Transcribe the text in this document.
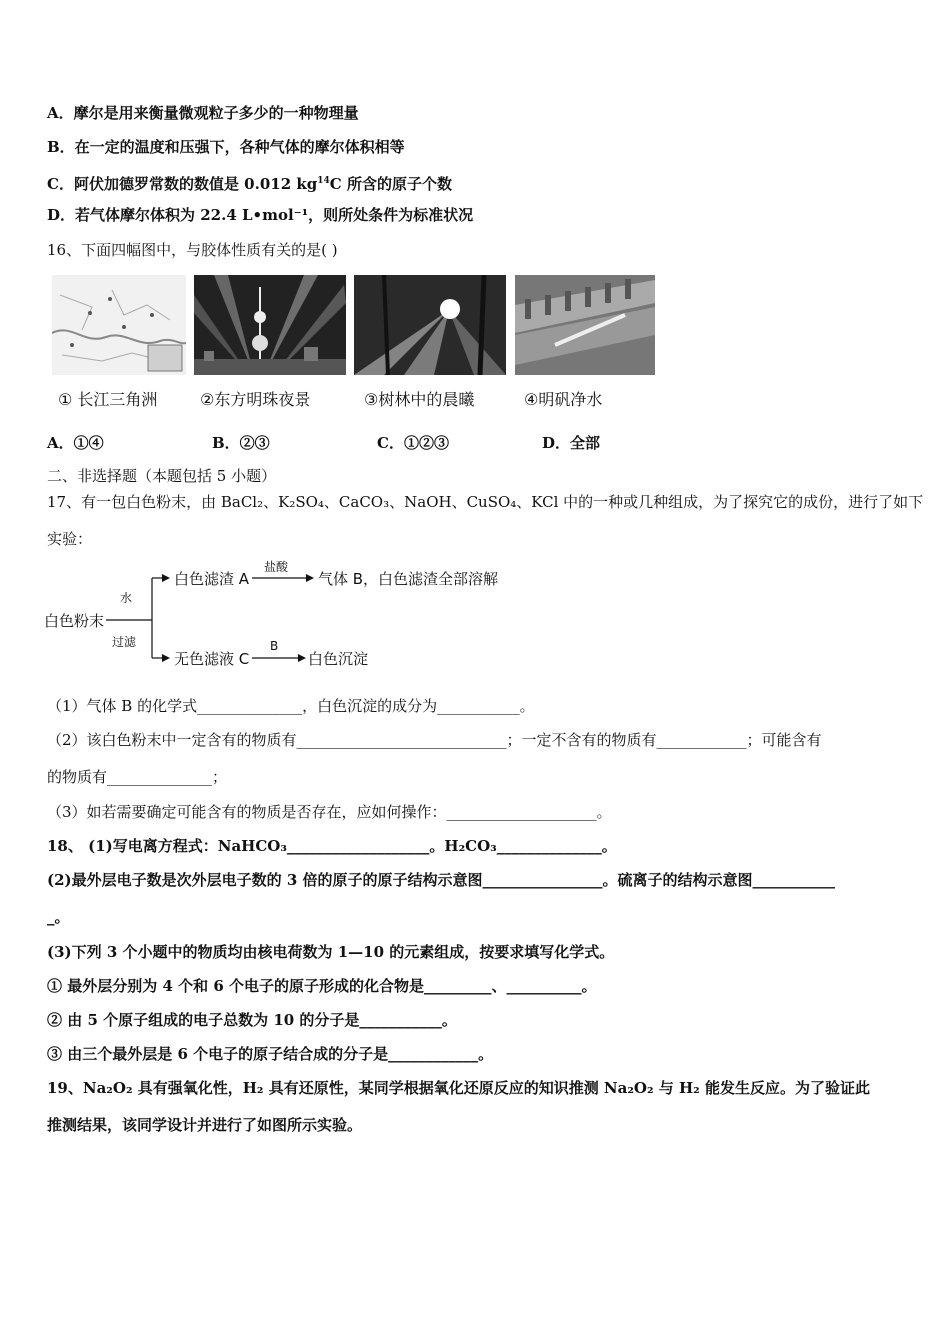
A．摩尔是用来衡量微观粒子多少的一种物理量
B．在一定的温度和压强下，各种气体的摩尔体积相等
C．阿伏加德罗常数的数值是 0.012 $kg^{14}C$ 所含的原子个数
D．若气体摩尔体积为 22.4 L•mol⁻¹，则所处条件为标准状况
16、下面四幅图中，与胶体性质有关的是( )
① 长江三角洲	②东方明珠夜景	③树林中的晨曦	④明矾净水
A．①④	B．②③	C．①②③	D．全部
二、非选择题（本题包括 5 小题）
17、有一包白色粉末，由 BaCl₂、K₂SO₄、CaCO₃、NaOH、CuSO₄、KCl 中的一种或几种组成，为了探究它的成份，进行了如下
实验：
白色粉末
水
过滤
白色滤渣 A
盐酸
气体 B，白色滤渣全部溶解
无色滤液 C
B
白色沉淀
（1）气体 B 的化学式______________，白色沉淀的成分为___________。
（2）该白色粉末中一定含有的物质有____________________________；一定不含有的物质有____________；可能含有
的物质有______________；
（3）如若需要确定可能含有的物质是否存在，应如何操作：____________________。
18、 (1)写电离方程式：NaHCO₃___________________。H₂CO₃______________。
(2)最外层电子数是次外层电子数的 3 倍的原子的原子结构示意图________________。硫离子的结构示意图___________
_。
(3)下列 3 个小题中的物质均由核电荷数为 1—10 的元素组成，按要求填写化学式。
① 最外层分别为 4 个和 6 个电子的原子形成的化合物是_________、__________。
② 由 5 个原子组成的电子总数为 10 的分子是___________。
③ 由三个最外层是 6 个电子的原子结合成的分子是____________。
19、Na₂O₂ 具有强氧化性，H₂ 具有还原性，某同学根据氧化还原反应的知识推测 Na₂O₂ 与 H₂ 能发生反应。为了验证此
推测结果，该同学设计并进行了如图所示实验。
